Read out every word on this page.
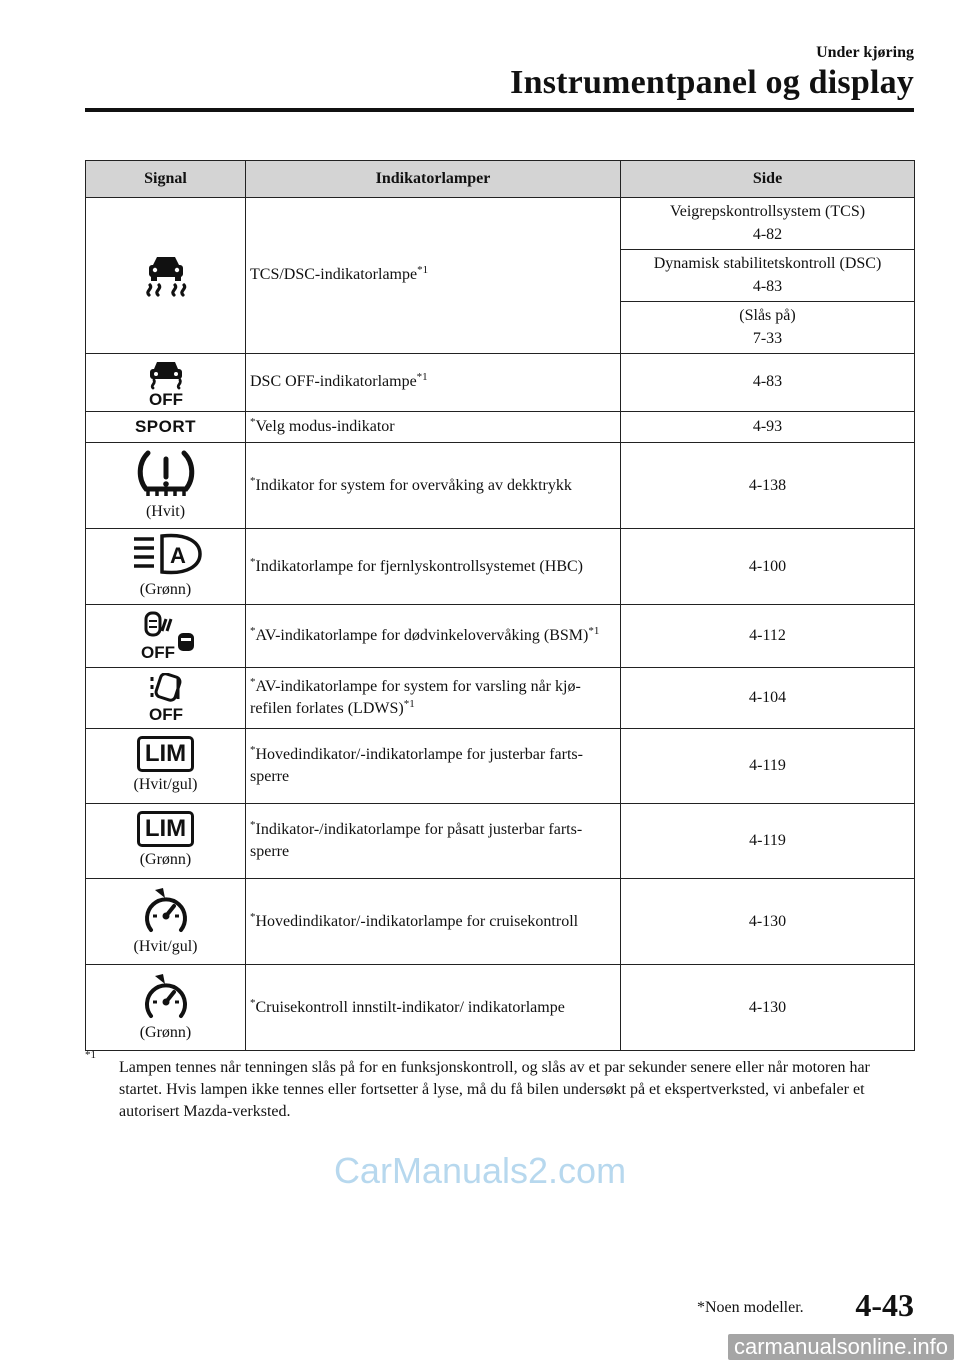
Under kjøring
Instrumentpanel og display
Signal	Indikatorlamper	Side

	TCS/DSC-indikatorlampe$^{*1}$	Veigrepskontrollsystem (TCS)
4-82

		Dynamisk stabilitetskontroll (DSC)
4-83

		(Slås på)
7-33

OFF	DSC OFF-indikatorlampe$^{*1}$	4-83
SPORT	*Velg modus-indikator	4-93

(Hvit)	*Indikator for system for overvåking av dekktrykk	4-138

A
(Grønn)	*Indikatorlampe for fjernlyskontrollsystemet (HBC)	4-100

OFF	*AV-indikatorlampe for dødvinkelovervåking (BSM)$^{*1}$	4-112

OFF	*AV-indikatorlampe for system for varsling når kjø-refilen forlates (LDWS)$^{*1}$	4-104
LIM
(Hvit/gul)	*Hovedindikator/-indikatorlampe for justerbar farts-sperre	4-119
LIM
(Grønn)	*Indikator-/indikatorlampe for påsatt justerbar farts-sperre	4-119

(Hvit/gul)	*Hovedindikator/-indikatorlampe for cruisekontroll	4-130

(Grønn)	*Cruisekontroll innstilt-indikator/ indikatorlampe	4-130
*1
Lampen tennes når tenningen slås på for en funksjonskontroll, og slås av et par sekunder senere eller når motoren har startet. Hvis lampen ikke tennes eller fortsetter å lyse, må du få bilen undersøkt på et ekspertverksted, vi anbefaler et autorisert Mazda-verksted.
CarManuals2.com
*Noen modeller. 4-43
carmanualsonline.info
